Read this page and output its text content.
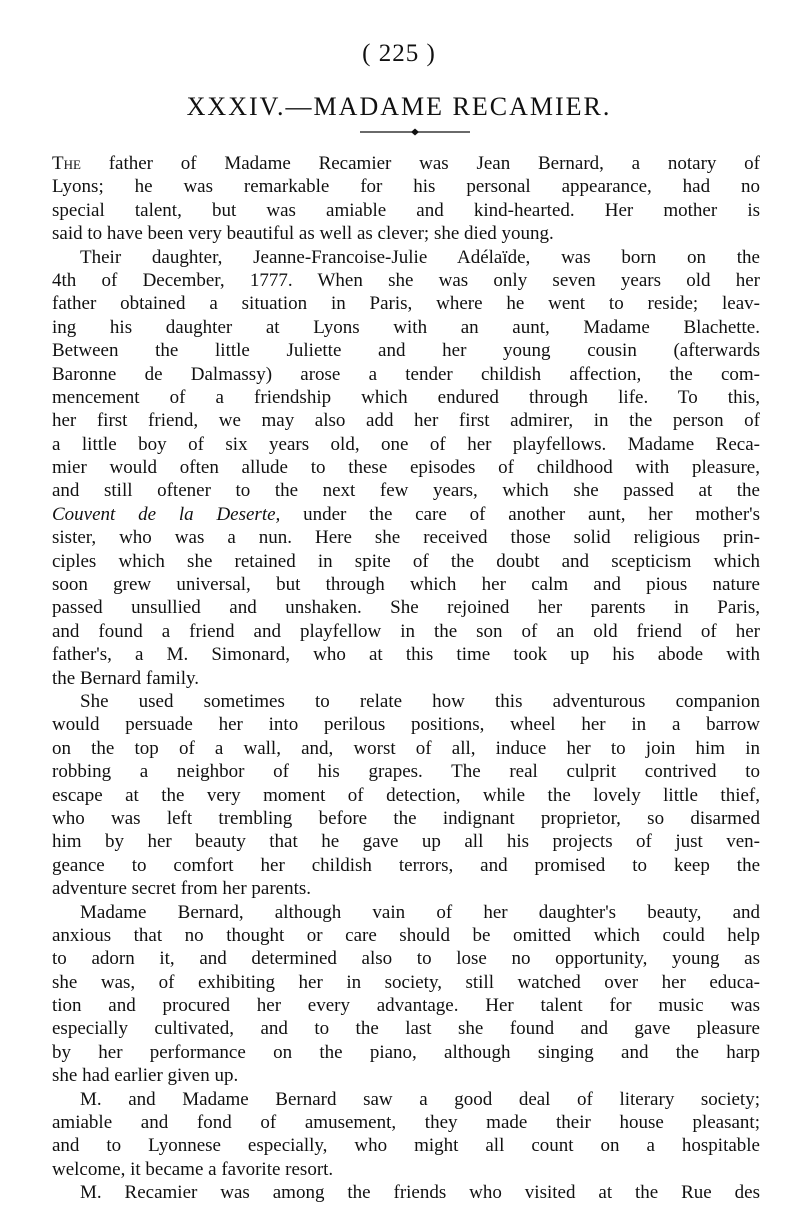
( 225 )
XXXIV.—MADAME RECAMIER.
The father of Madame Recamier was Jean Bernard, a notary of
Lyons; he was remarkable for his personal appearance, had no
special talent, but was amiable and kind-hearted. Her mother is
said to have been very beautiful as well as clever; she died young.
Their daughter, Jeanne-Francoise-Julie Adélaïde, was born on the
4th of December, 1777. When she was only seven years old her
father obtained a situation in Paris, where he went to reside; leav-
ing his daughter at Lyons with an aunt, Madame Blachette.
Between the little Juliette and her young cousin (afterwards
Baronne de Dalmassy) arose a tender childish affection, the com-
mencement of a friendship which endured through life. To this,
her first friend, we may also add her first admirer, in the person of
a little boy of six years old, one of her playfellows. Madame Reca-
mier would often allude to these episodes of childhood with pleasure,
and still oftener to the next few years, which she passed at the
Couvent de la Deserte, under the care of another aunt, her mother's
sister, who was a nun. Here she received those solid religious prin-
ciples which she retained in spite of the doubt and scepticism which
soon grew universal, but through which her calm and pious nature
passed unsullied and unshaken. She rejoined her parents in Paris,
and found a friend and playfellow in the son of an old friend of her
father's, a M. Simonard, who at this time took up his abode with
the Bernard family.
She used sometimes to relate how this adventurous companion
would persuade her into perilous positions, wheel her in a barrow
on the top of a wall, and, worst of all, induce her to join him in
robbing a neighbor of his grapes. The real culprit contrived to
escape at the very moment of detection, while the lovely little thief,
who was left trembling before the indignant proprietor, so disarmed
him by her beauty that he gave up all his projects of just ven-
geance to comfort her childish terrors, and promised to keep the
adventure secret from her parents.
Madame Bernard, although vain of her daughter's beauty, and
anxious that no thought or care should be omitted which could help
to adorn it, and determined also to lose no opportunity, young as
she was, of exhibiting her in society, still watched over her educa-
tion and procured her every advantage. Her talent for music was
especially cultivated, and to the last she found and gave pleasure
by her performance on the piano, although singing and the harp
she had earlier given up.
M. and Madame Bernard saw a good deal of literary society;
amiable and fond of amusement, they made their house pleasant;
and to Lyonnese especially, who might all count on a hospitable
welcome, it became a favorite resort.
M. Recamier was among the friends who visited at the Rue des
